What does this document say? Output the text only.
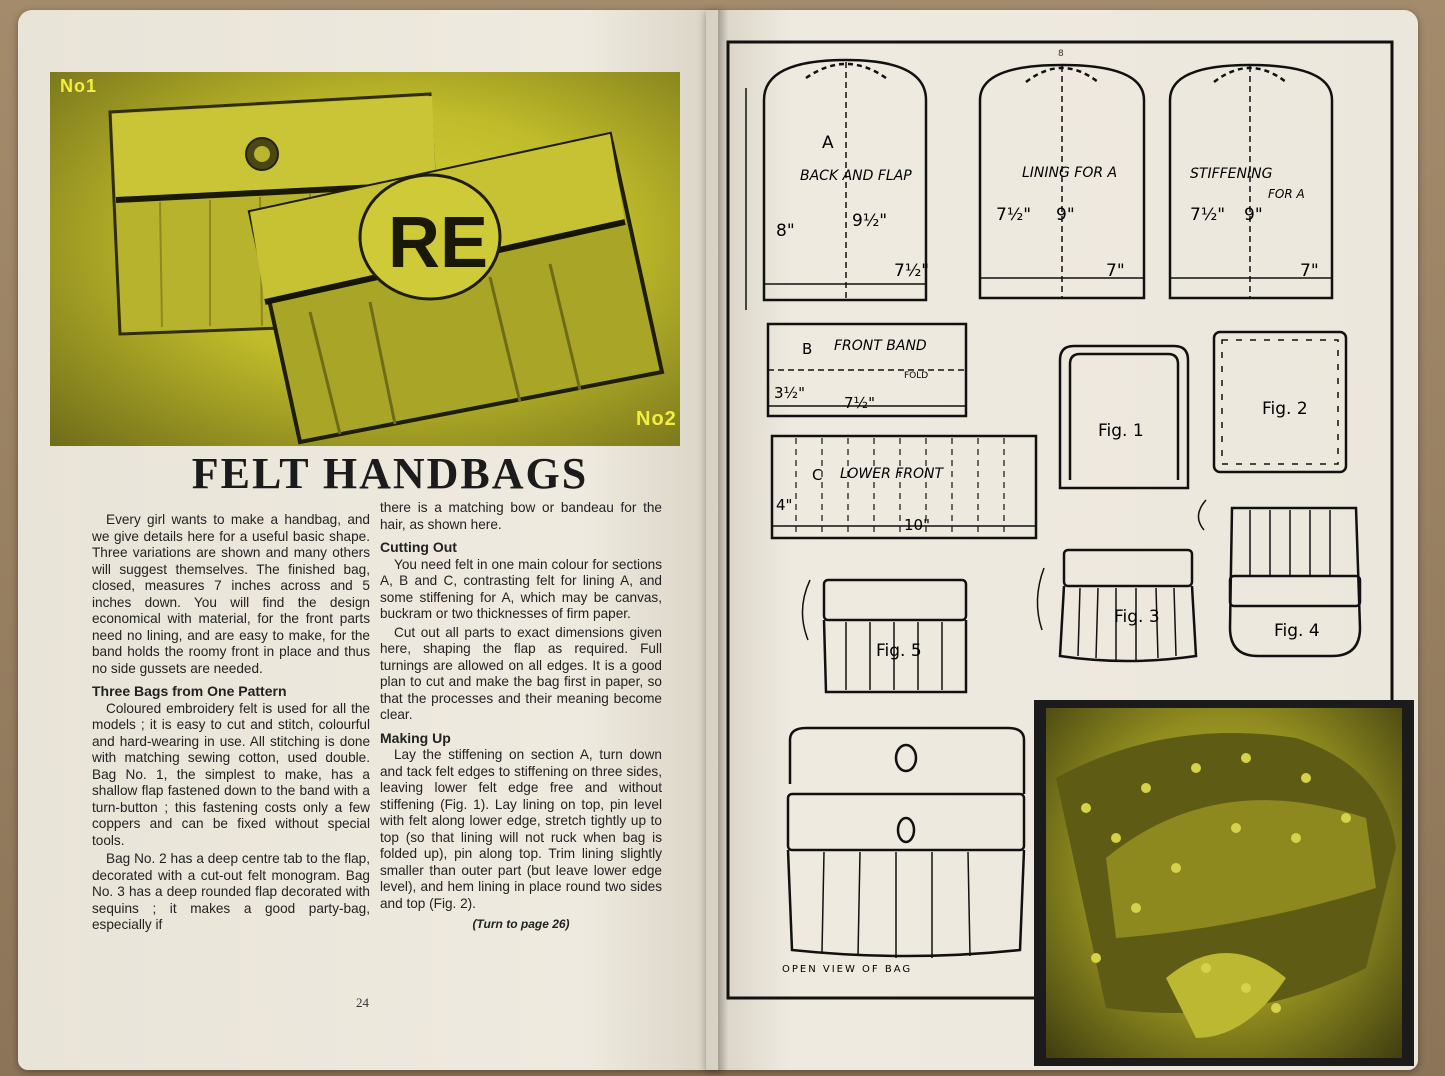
RE
No1
No2
FELT HANDBAGS

Every girl wants to make a handbag, and we give details here for a useful basic shape. Three variations are shown and many others will suggest themselves. The finished bag, closed, measures 7 inches across and 5 inches down. You will find the design economical with material, for the front parts need no lining, and are easy to make, for the band holds the roomy front in place and thus no side gussets are needed.

Three Bags from One Pattern

Coloured embroidery felt is used for all the models ; it is easy to cut and stitch, colourful and hard-wearing in use. All stitching is done with matching sewing cotton, used double. Bag No. 1, the simplest to make, has a shallow flap fastened down to the band with a turn-button ; this fastening costs only a few coppers and can be fixed without special tools.

Bag No. 2 has a deep centre tab to the flap, decorated with a cut-out felt monogram. Bag No. 3 has a deep rounded flap decorated with sequins ; it makes a good party-bag, especially if

there is a matching bow or bandeau for the hair, as shown here.

Cutting Out

You need felt in one main colour for sections A, B and C, contrasting felt for lining A, and some stiffening for A, which may be canvas, buckram or two thicknesses of firm paper.

Cut out all parts to exact dimensions given here, shaping the flap as required. Full turnings are allowed on all edges. It is a good plan to cut and make the bag first in paper, so that the processes and their meaning become clear.

Making Up

Lay the stiffening on section A, turn down and tack felt edges to stiffening on three sides, leaving lower felt edge free and without stiffening (Fig. 1). Lay lining on top, pin level with felt along lower edge, stretch tightly up to top (so that lining will not ruck when bag is folded up), pin along top. Trim lining slightly smaller than outer part (but leave lower edge level), and hem lining in place round two sides and top (Fig. 2).

(Turn to page 26)
24
8
A
BACK AND FLAP
8"	9½"
7½"
LINING FOR A
7½" 9"
7"
STIFFENING
FOR A
7½" 9"
7"
B FRONT BAND
FOLD
3½"
7½"
C LOWER FRONT
4"
10"
Fig. 1
Fig. 2
Fig. 3
Fig. 4
Fig. 5
OPEN VIEW OF BAG
